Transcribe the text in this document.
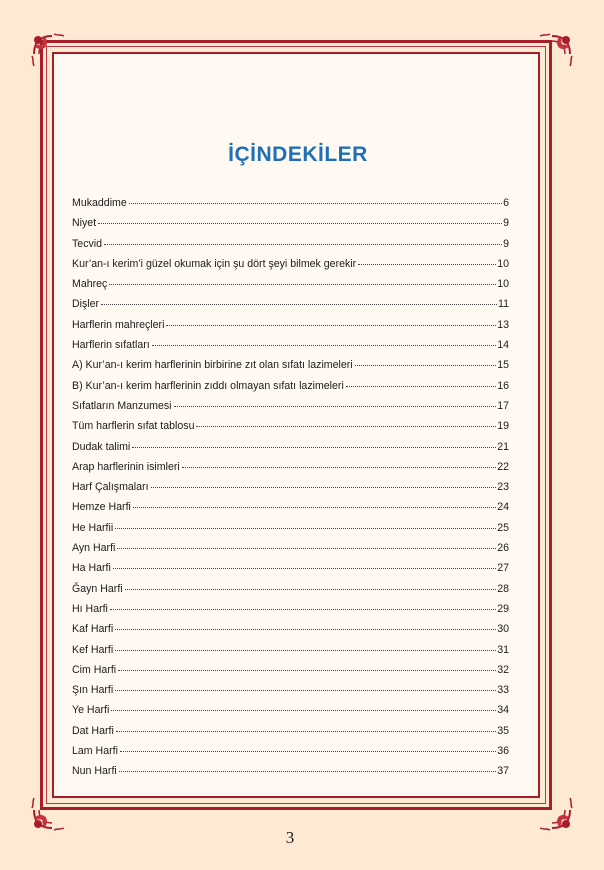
İÇİNDEKİLER
Mukaddime	6
Niyet	9
Tecvid	9
Kur’an-ı kerim’i güzel okumak için şu dört şeyi bilmek gerekir	10
Mahreç	10
Dişler	11
Harflerin mahreçleri	13
Harflerin sıfatları	14
A) Kur’an-ı kerim harflerinin birbirine zıt olan sıfatı lazimeleri	15
B) Kur’an-ı kerim harflerinin zıddı olmayan sıfatı lazimeleri	16
Sıfatların Manzumesi	17
Tüm harflerin sıfat tablosu	19
Dudak talimi	21
Arap harflerinin isimleri	22
Harf Çalışmaları	23
Hemze Harfi	24
He Harfii	25
Ayn Harfi	26
Ha Harfi	27
Ğayn Harfi	28
Hı Harfi	29
Kaf Harfi	30
Kef Harfi	31
Cim Harfi	32
Şın Harfi	33
Ye Harfi	34
Dat Harfi	35
Lam Harfi	36
Nun Harfi	37
3
